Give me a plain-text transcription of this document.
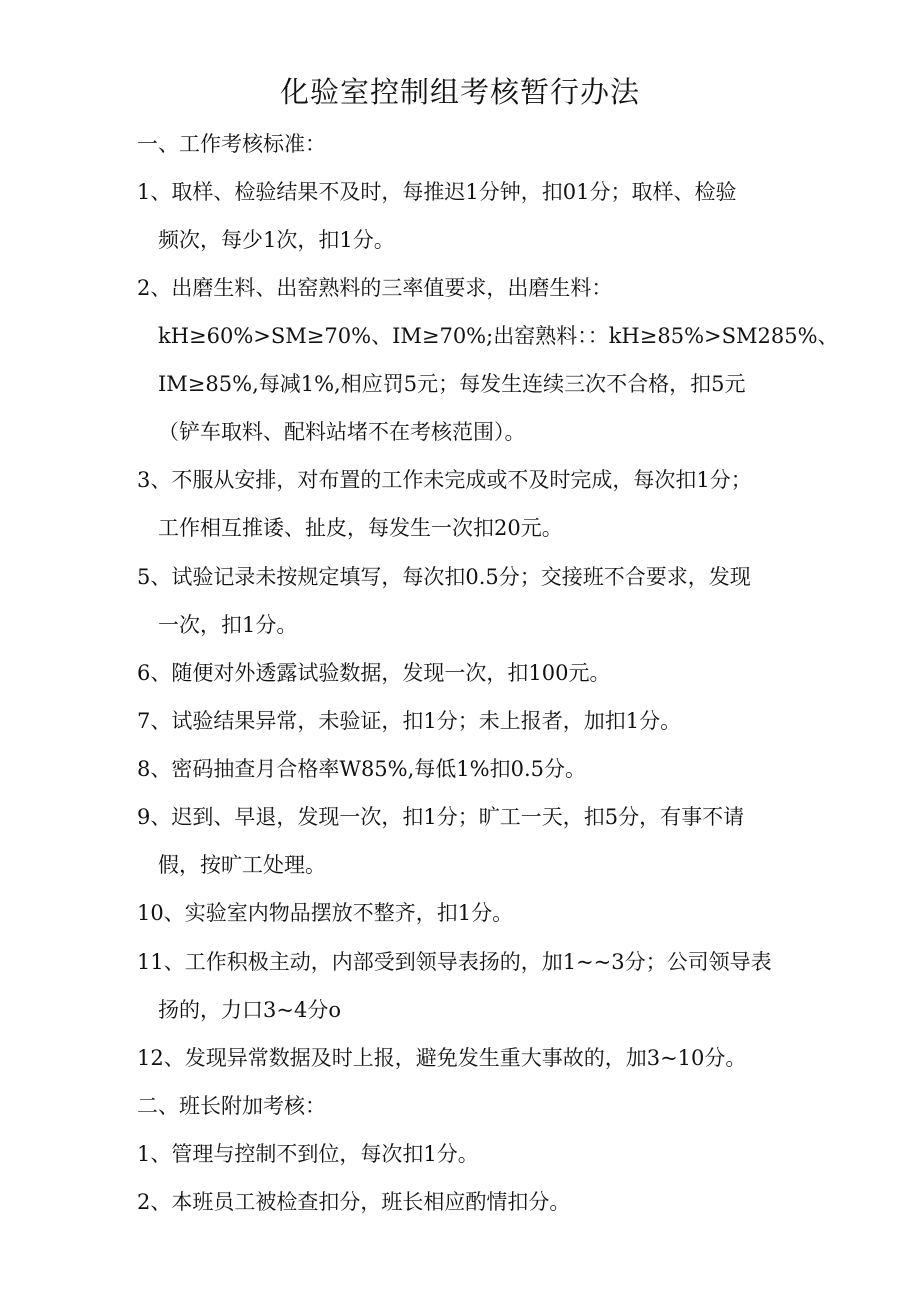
化验室控制组考核暂行办法
一、工作考核标准：
1、取样、检验结果不及时，每推迟1分钟，扣01分；取样、检验
频次，每少1次，扣1分。
2、出磨生料、出窑熟料的三率值要求，出磨生料：
kH≥60%>SM≥70%、IM≥70%;出窑熟料：：kH≥85%>SM285%、
IM≥85%,每减1%,相应罚5元；每发生连续三次不合格，扣5元
（铲车取料、配料站堵不在考核范围）。
3、不服从安排，对布置的工作未完成或不及时完成，每次扣1分；
工作相互推诿、扯皮，每发生一次扣20元。
5、试验记录未按规定填写，每次扣0.5分；交接班不合要求，发现
一次，扣1分。
6、随便对外透露试验数据，发现一次，扣100元。
7、试验结果异常，未验证，扣1分；未上报者，加扣1分。
8、密码抽查月合格率W85%,每低1%扣0.5分。
9、迟到、早退，发现一次，扣1分；旷工一天，扣5分，有事不请
假，按旷工处理。
10、实验室内物品摆放不整齐，扣1分。
11、工作积极主动，内部受到领导表扬的，加1~~3分；公司领导表
扬的，力口3~4分o
12、发现异常数据及时上报，避免发生重大事故的，加3~10分。
二、班长附加考核：
1、管理与控制不到位，每次扣1分。
2、本班员工被检查扣分，班长相应酌情扣分。
